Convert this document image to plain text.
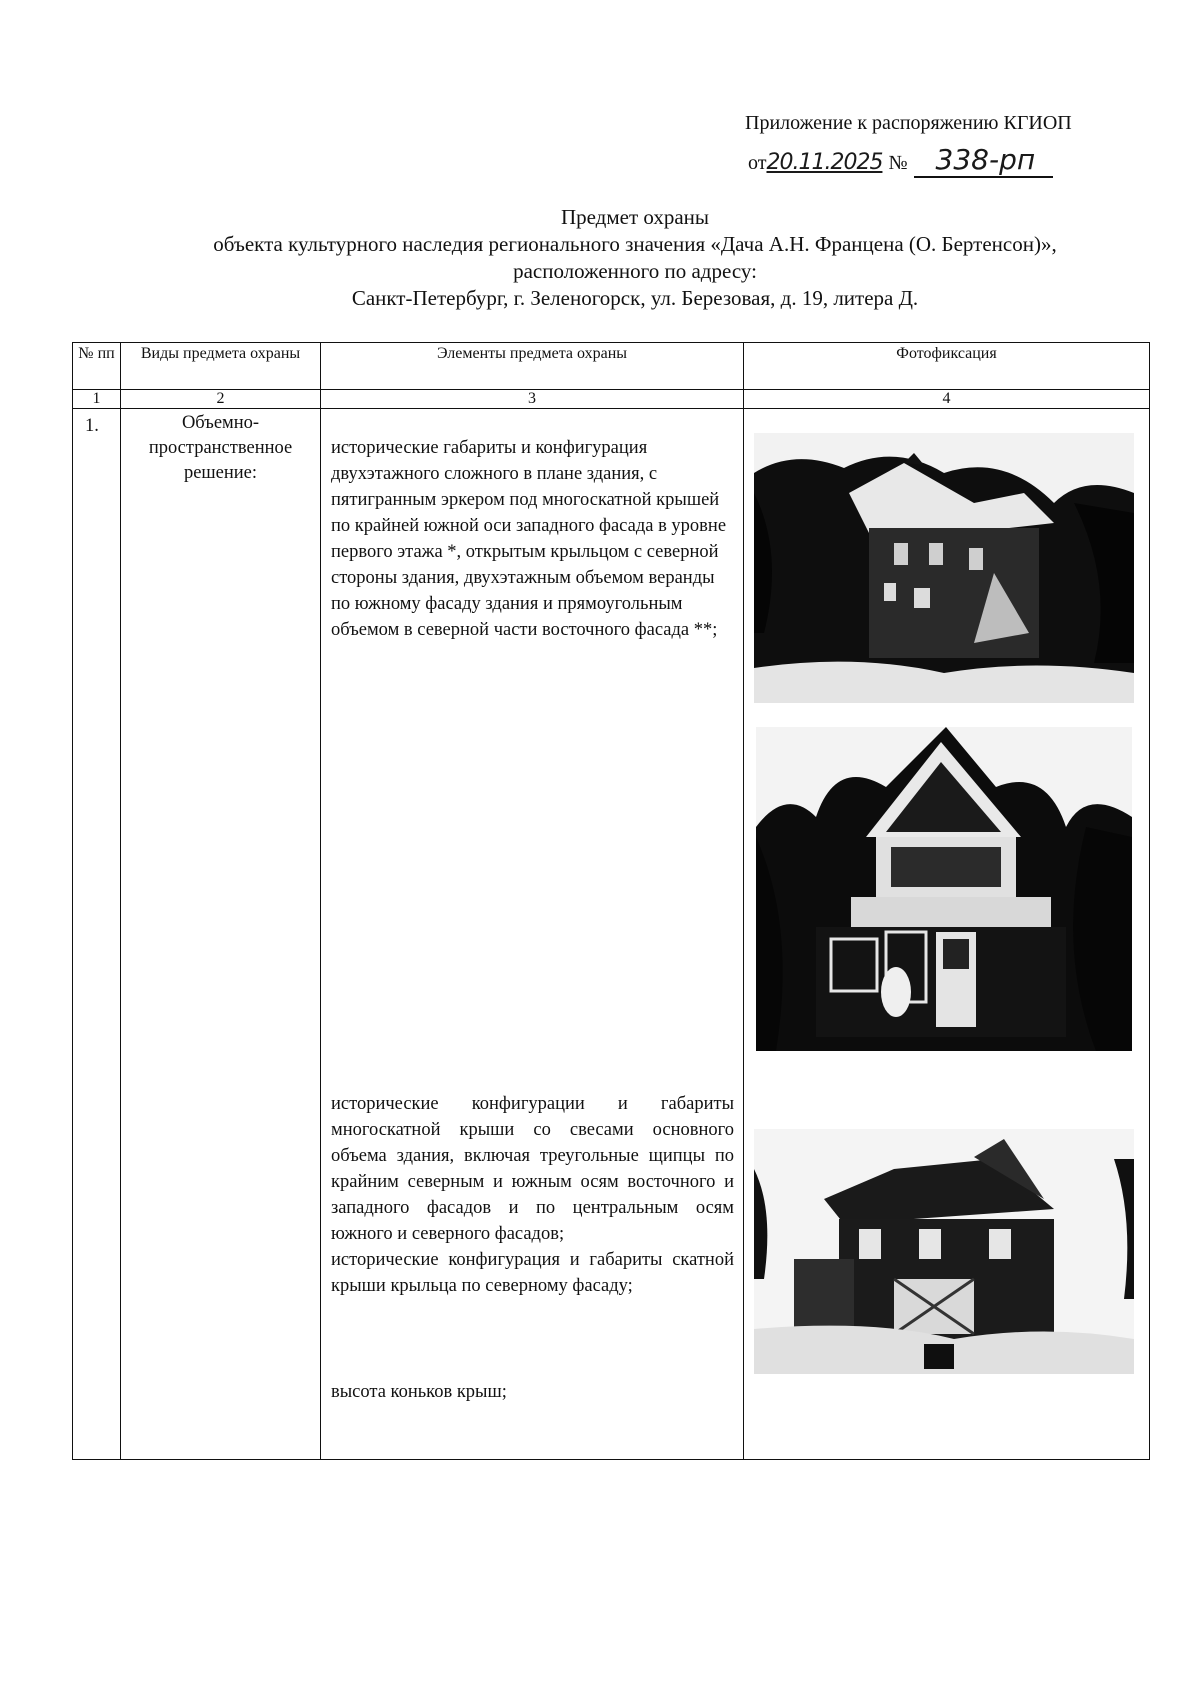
Приложение к распоряжению КГИОП
от20.11.2025 № 338-рп
Предмет охраны
объекта культурного наследия регионального значения «Дача А.Н. Францена (О. Бертенсон)»,
расположенного по адресу:
Санкт-Петербург, г. Зеленогорск, ул. Березовая, д. 19, литера Д.
№ пп	Виды предмета охраны	Элементы предмета охраны	Фотофиксация
1	2	3	4

1.	Объемно-пространственное решение:	исторические габариты и конфигурация двухэтажного сложного в плане здания, с пятигранным эркером под многоскатной крышей по крайней южной оси западного фасада в уровне первого этажа *, открытым крыльцом с северной стороны здания, двухэтажным объемом веранды по южному фасаду здания и прямоугольным объемом в северной части восточного фасада **;
исторические конфигурации и габариты многоскатной крыши со свесами основного объема здания, включая треугольные щипцы по крайним северным и южным осям восточного и западного фасадов и по центральным осям южного и северного фасадов;
исторические конфигурация и габариты скатной крыши крыльца по северному фасаду;
высота коньков крыш;
